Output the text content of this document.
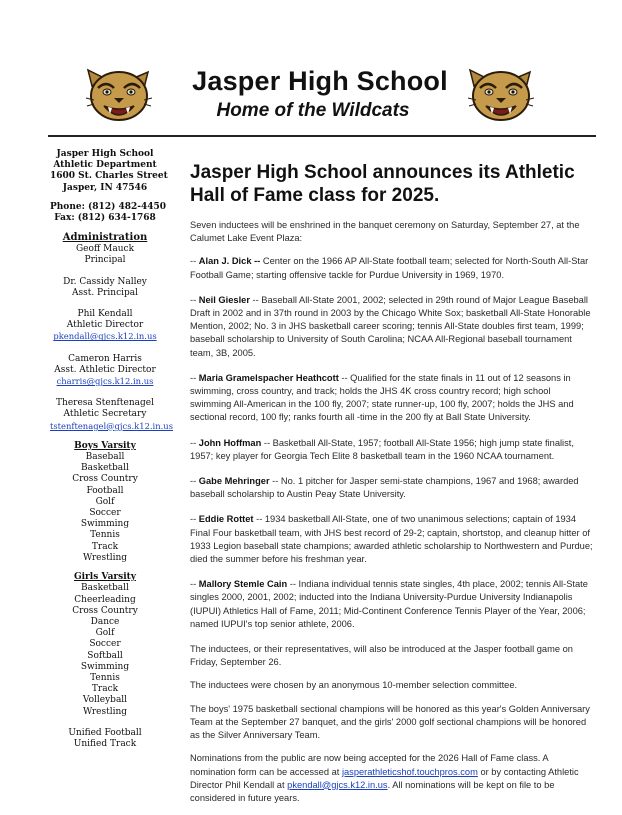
Jasper High School
Home of the Wildcats
Jasper High School
Athletic Department
1600 St. Charles Street
Jasper, IN 47546
Phone: (812) 482-4450
Fax: (812) 634-1768
Administration
Geoff Mauck
Principal
Dr. Cassidy Nalley
Asst. Principal
Phil Kendall
Athletic Director
pkendall@gjcs.k12.in.us
Cameron Harris
Asst. Athletic Director
charris@gjcs.k12.in.us
Theresa Stenftenagel
Athletic Secretary
tstenftenagel@gjcs.k12.in.us
Boys Varsity
Baseball
Basketball
Cross Country
Football
Golf
Soccer
Swimming
Tennis
Track
Wrestling
Girls Varsity
Basketball
Cheerleading
Cross Country
Dance
Golf
Soccer
Softball
Swimming
Tennis
Track
Volleyball
Wrestling
Unified Football
Unified Track
Jasper High School announces its Athletic Hall of Fame class for 2025.

Seven inductees will be enshrined in the banquet ceremony on Saturday, September 27, at the Calumet Lake Event Plaza:

-- Alan J. Dick -- Center on the 1966 AP All-State football team; selected for North-South All-Star Football Game; starting offensive tackle for Purdue University in 1969, 1970.

-- Neil Giesler -- Baseball All-State 2001, 2002; selected in 29th round of Major League Baseball Draft in 2002 and in 37th round in 2003 by the Chicago White Sox; basketball All-State Honorable Mention, 2002; No. 3 in JHS basketball career scoring; tennis All-State doubles first team, 1999; baseball scholarship to University of South Carolina; NCAA All-Regional baseball tournament team, 3B, 2005.

-- Maria Gramelspacher Heathcott -- Qualified for the state finals in 11 out of 12 seasons in swimming, cross country, and track; holds the JHS 4K cross country record; high school swimming All-American in the 100 fly, 2007; state runner-up, 100 fly, 2007; holds the JHS and sectional record, 100 fly; ranks fourth all -time in the 200 fly at Ball State University.

-- John Hoffman -- Basketball All-State, 1957; football All-State 1956; high jump state finalist, 1957; key player for Georgia Tech Elite 8 basketball team in the 1960 NCAA tournament.

-- Gabe Mehringer -- No. 1 pitcher for Jasper semi-state champions, 1967 and 1968; awarded baseball scholarship to Austin Peay State University.

-- Eddie Rottet -- 1934 basketball All-State, one of two unanimous selections; captain of 1934 Final Four basketball team, with JHS best record of 29-2; captain, shortstop, and cleanup hitter of 1933 Legion baseball state champions; awarded athletic scholarship to Northwestern and Purdue; died the summer before his freshman year.

-- Mallory Stemle Cain -- Indiana individual tennis state singles, 4th place, 2002; tennis All-State singles 2000, 2001, 2002; inducted into the Indiana University-Purdue University Indianapolis (IUPUI) Athletics Hall of Fame, 2011; Mid-Continent Conference Tennis Player of the Year, 2006; named IUPUI's top senior athlete, 2006.

The inductees, or their representatives, will also be introduced at the Jasper football game on Friday, September 26.

The inductees were chosen by an anonymous 10-member selection committee.

The boys' 1975 basketball sectional champions will be honored as this year's Golden Anniversary Team at the September 27 banquet, and the girls' 2000 golf sectional champions will be honored as the Silver Anniversary Team.

Nominations from the public are now being accepted for the 2026 Hall of Fame class. A nomination form can be accessed at jasperathleticshof.touchpros.com or by contacting Athletic Director Phil Kendall at pkendall@gjcs.k12.in.us. All nominations will be kept on file to be considered in future years.
